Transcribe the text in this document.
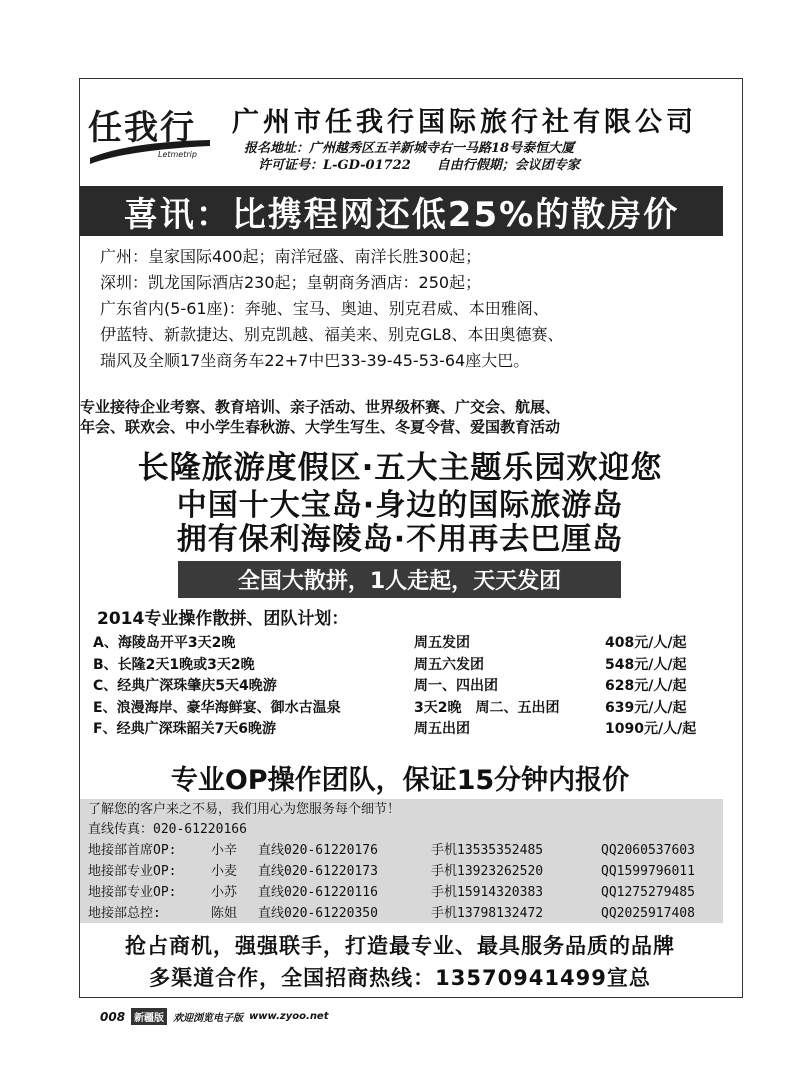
任我行
Letmetrip
广州市任我行国际旅行社有限公司
报名地址：广州越秀区五羊新城寺右一马路18号泰恒大厦
许可证号：L-GD-01722　　自由行假期；会议团专家
喜讯：比携程网还低25%的散房价
广州：皇家国际400起；南洋冠盛、南洋长胜300起；
深圳：凯龙国际酒店230起；皇朝商务酒店：250起；
广东省内(5-61座)：奔驰、宝马、奥迪、别克君威、本田雅阁、
伊蓝特、新款捷达、别克凯越、福美来、别克GL8、本田奥德赛、
瑞风及全顺17坐商务车22+7中巴33-39-45-53-64座大巴。
专业接待企业考察、教育培训、亲子活动、世界级杯赛、广交会、航展、
年会、联欢会、中小学生春秋游、大学生写生、冬夏令营、爱国教育活动
长隆旅游度假区·五大主题乐园欢迎您
中国十大宝岛·身边的国际旅游岛
拥有保利海陵岛·不用再去巴厘岛
全国大散拼，1人走起，天天发团
2014专业操作散拼、团队计划：
A、海陵岛开平3天2晚	周五发团	408元/人/起
B、长隆2天1晚或3天2晚	周五六发团	548元/人/起
C、经典广深珠肇庆5天4晚游	周一、四出团	628元/人/起
E、浪漫海岸、豪华海鲜宴、御水古温泉	3天2晚　周二、五出团	639元/人/起
F、经典广深珠韶关7天6晚游	周五出团	1090元/人/起
专业OP操作团队，保证15分钟内报价
了解您的客户来之不易，我们用心为您服务每个细节！
直线传真：020-61220166
地接部首席OP:	小辛 直线020-61220176	手机13535352485	QQ2060537603
地接部专业OP:	小麦 直线020-61220173	手机13923262520	QQ1599796011
地接部专业OP:	小苏 直线020-61220116	手机15914320383	QQ1275279485
地接部总控:	陈姐 直线020-61220350	手机13798132472	QQ2025917408
抢占商机，强强联手，打造最专业、最具服务品质的品牌
多渠道合作，全国招商热线：13570941499宣总
008 新疆版 欢迎浏览电子版 www.zyoo.net
